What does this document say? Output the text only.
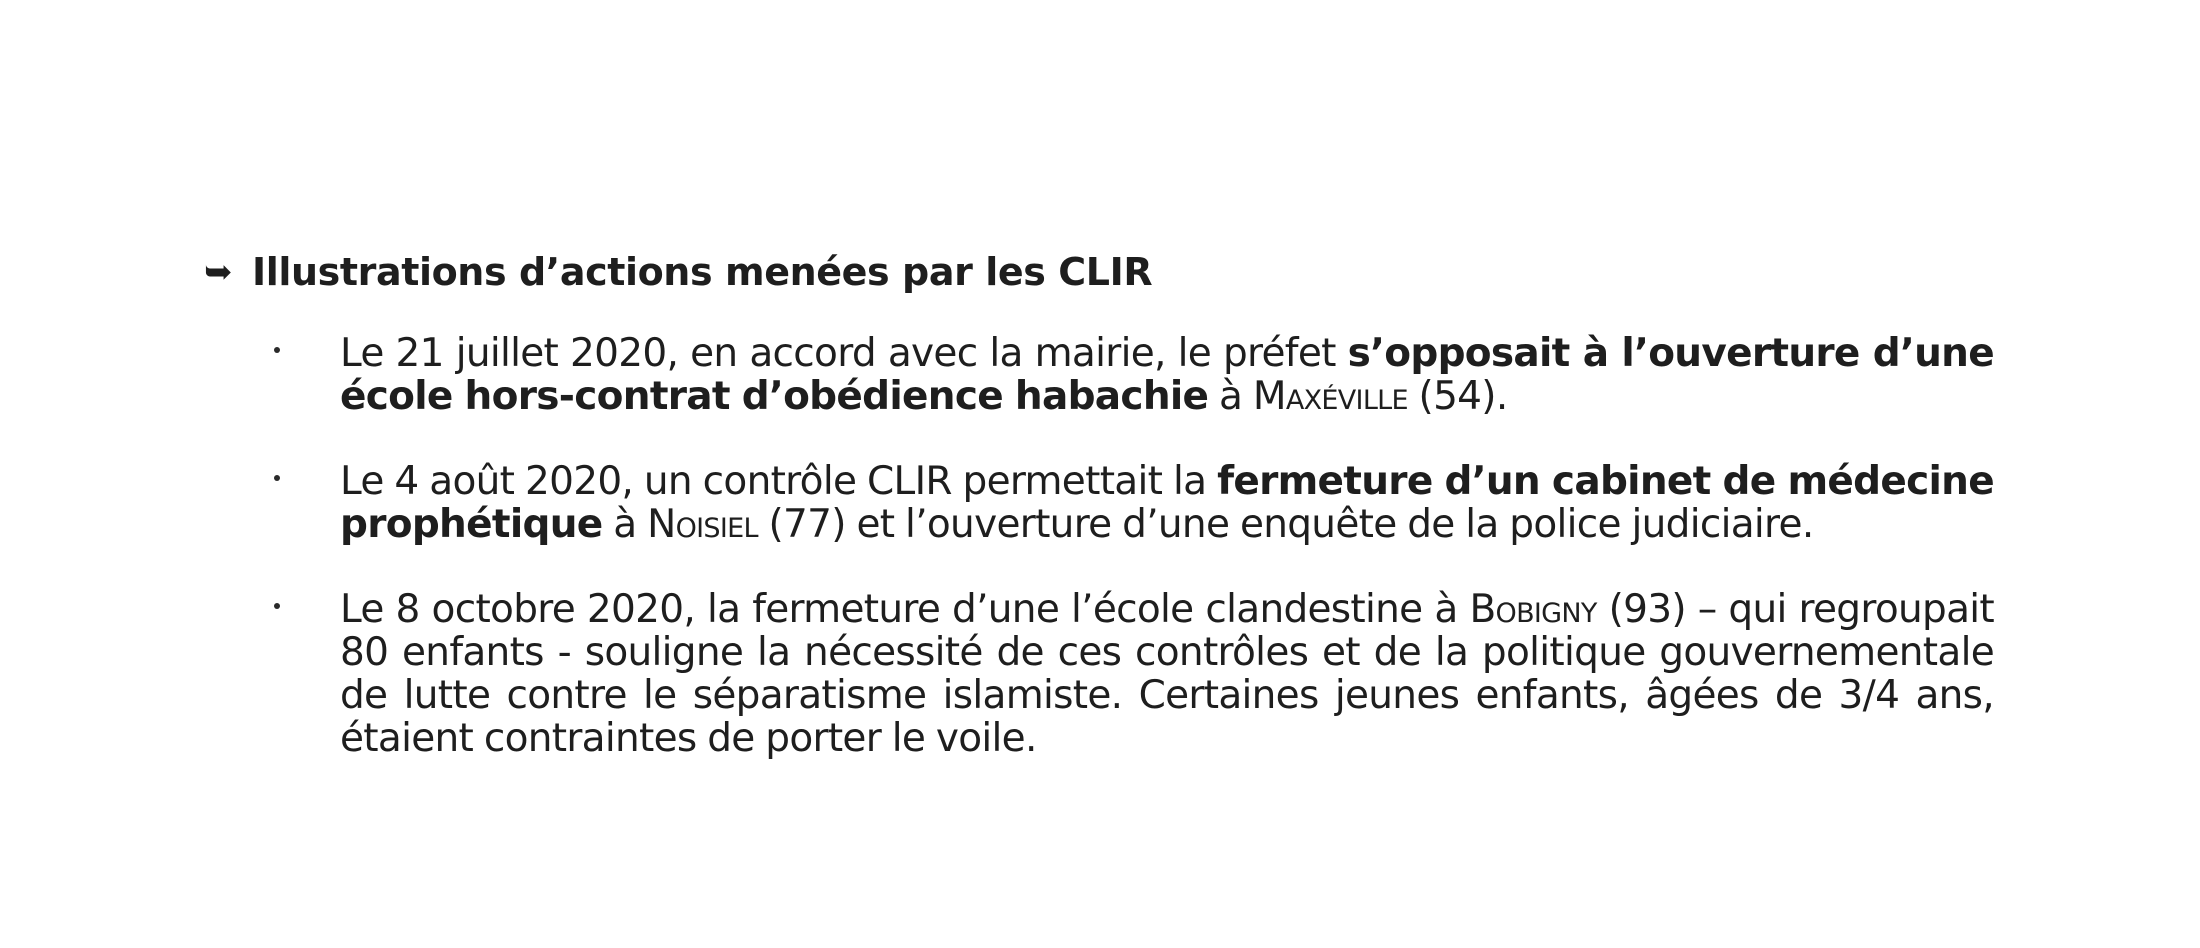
➥ Illustrations d’actions menées par les CLIR
Le 21 juillet 2020, en accord avec la mairie, le préfet s’opposait à l’ouverture d’une école hors-contrat d’obédience habachie à Maxéville (54).
Le 4 août 2020, un contrôle CLIR permettait la fermeture d’un cabinet de médecine prophétique à Noisiel (77) et l’ouverture d’une enquête de la police judiciaire.
Le 8 octobre 2020, la fermeture d’une l’école clandestine à Bobigny (93) – qui regroupait 80 enfants - souligne la nécessité de ces contrôles et de la politique gouvernementale de lutte contre le séparatisme islamiste. Certaines jeunes enfants, âgées de 3/4 ans, étaient contraintes de porter le voile.
